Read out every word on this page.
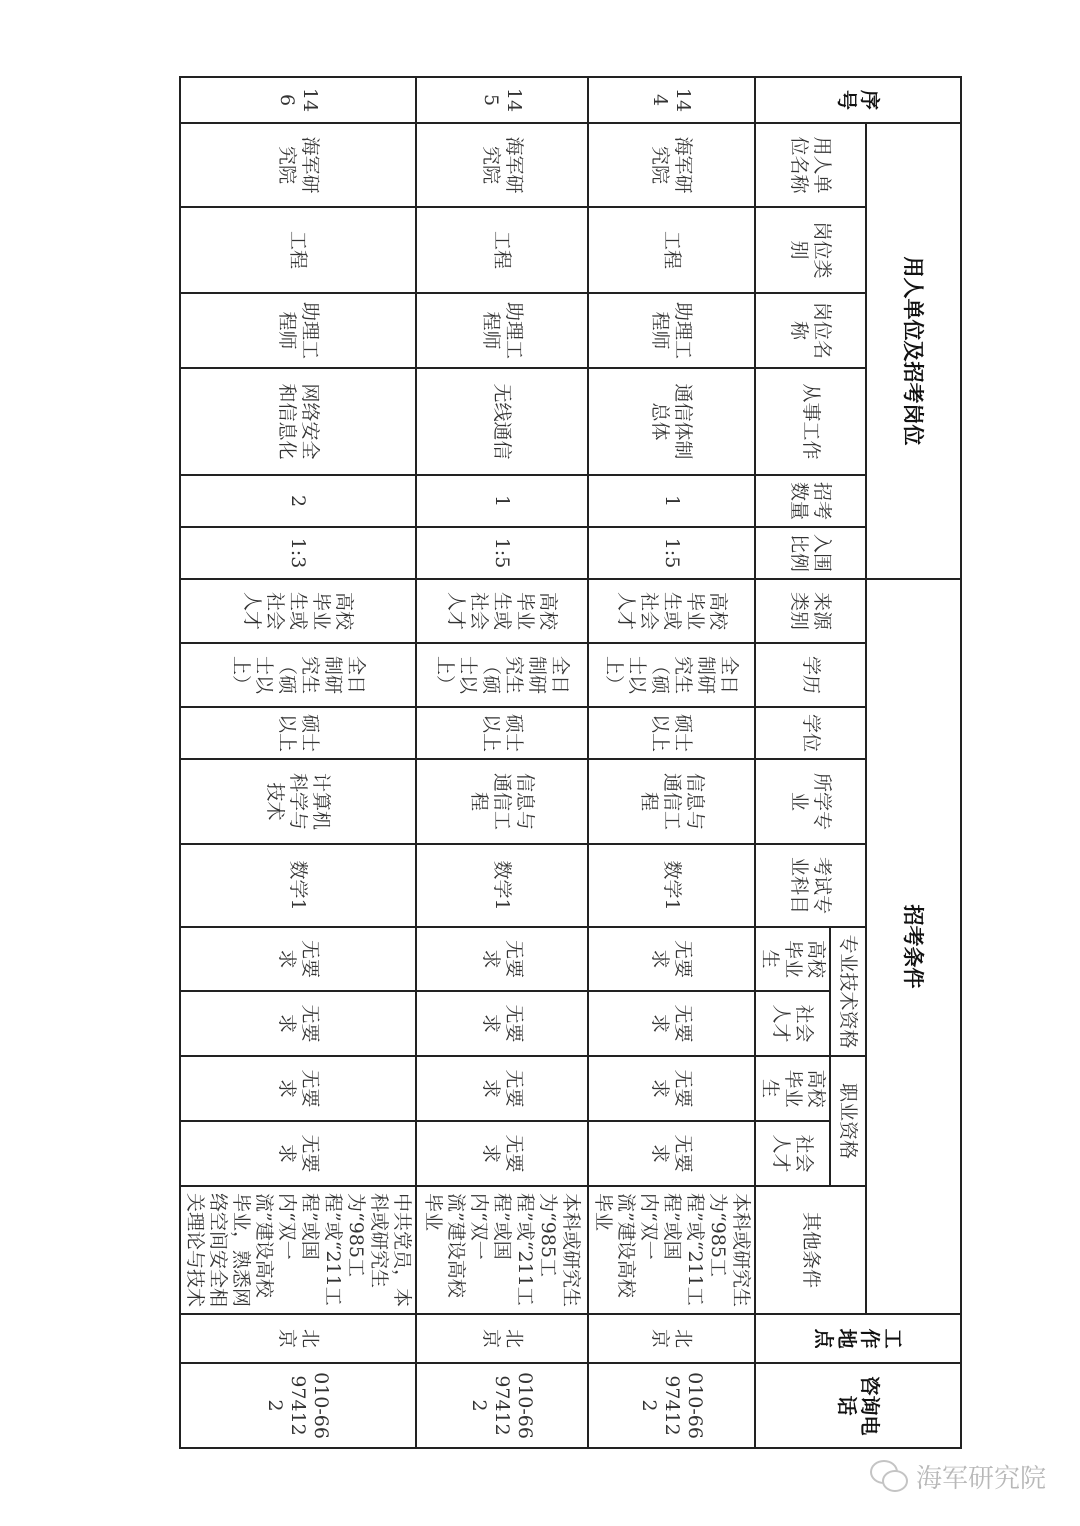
序号	用人单位及招考岗位						招考条件										工作地点	咨询电话
	用人单位名称	岗位类别	岗位名称	从事工作	招考数量	入围比例	来源类别	学历	学位	所学专业	考试专业科目	专业技术资格		职业资格		其他条件		
												高校毕业生	社会人才	高校毕业生	社会人才			
144	海军研究院	工程	助理工程师	通信体制总体	1	1:5	高校毕业生或社会人才	全日制研究生（硕士以上）	硕士以上	信息与通信工程	数学1	无要求	无要求	无要求	无要求	本科或研究生为“985工程”或“211工程”或国内“双一流”建设高校毕业	北京	010-66974122
145	海军研究院	工程	助理工程师	无线通信	1	1:5	高校毕业生或社会人才	全日制研究生（硕士以上）	硕士以上	信息与通信工程	数学1	无要求	无要求	无要求	无要求	本科或研究生为“985工程”或“211工程”或国内“双一流”建设高校毕业	北京	010-66974122
146	海军研究院	工程	助理工程师	网络安全和信息化	2	1:3	高校毕业生或社会人才	全日制研究生（硕士以上）	硕士以上	计算机科学与技术	数学1	无要求	无要求	无要求	无要求	中共党员，本科或研究生为“985工程”或“211工程”或国内“双一流”建设高校毕业，熟悉网络空间安全相关理论与技术	北京	010-66974122
海军研究院
